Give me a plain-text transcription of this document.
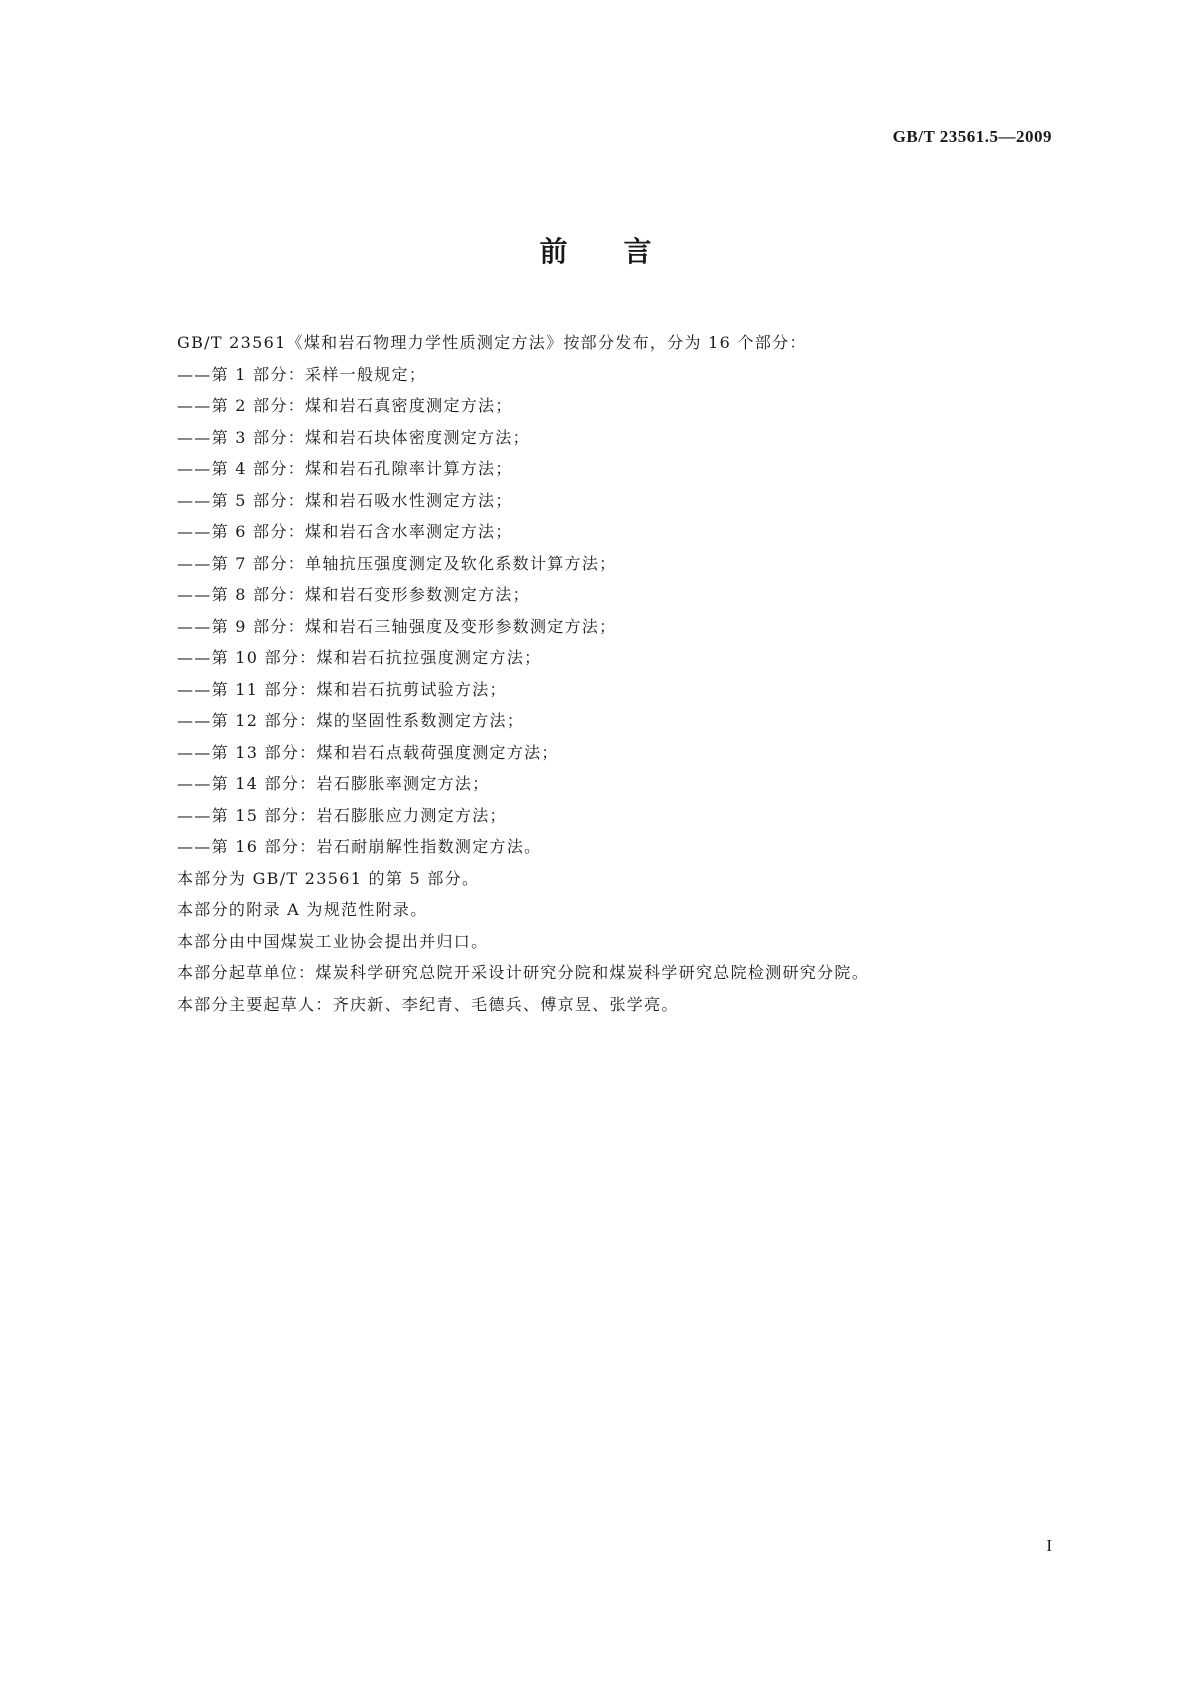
GB/T 23561.5—2009
前言

GB/T 23561《煤和岩石物理力学性质测定方法》按部分发布，分为 16 个部分：

——第 1 部分：采样一般规定；

——第 2 部分：煤和岩石真密度测定方法；

——第 3 部分：煤和岩石块体密度测定方法；

——第 4 部分：煤和岩石孔隙率计算方法；

——第 5 部分：煤和岩石吸水性测定方法；

——第 6 部分：煤和岩石含水率测定方法；

——第 7 部分：单轴抗压强度测定及软化系数计算方法；

——第 8 部分：煤和岩石变形参数测定方法；

——第 9 部分：煤和岩石三轴强度及变形参数测定方法；

——第 10 部分：煤和岩石抗拉强度测定方法；

——第 11 部分：煤和岩石抗剪试验方法；

——第 12 部分：煤的坚固性系数测定方法；

——第 13 部分：煤和岩石点载荷强度测定方法；

——第 14 部分：岩石膨胀率测定方法；

——第 15 部分：岩石膨胀应力测定方法；

——第 16 部分：岩石耐崩解性指数测定方法。

本部分为 GB/T 23561 的第 5 部分。

本部分的附录 A 为规范性附录。

本部分由中国煤炭工业协会提出并归口。

本部分起草单位：煤炭科学研究总院开采设计研究分院和煤炭科学研究总院检测研究分院。

本部分主要起草人：齐庆新、李纪青、毛德兵、傅京昱、张学亮。

I
